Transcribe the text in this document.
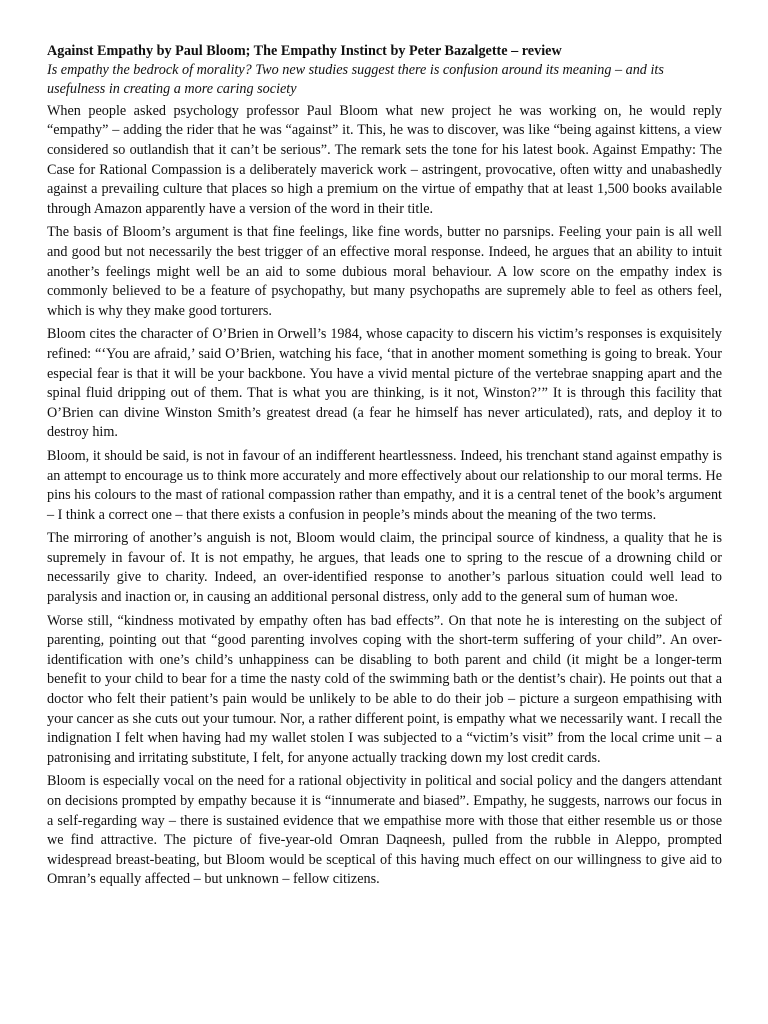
Against Empathy by Paul Bloom; The Empathy Instinct by Peter Bazalgette – review

Is empathy the bedrock of morality? Two new studies suggest there is confusion around its meaning – and its usefulness in creating a more caring society

When people asked psychology professor Paul Bloom what new project he was working on, he would reply “empathy” – adding the rider that he was “against” it. This, he was to discover, was like “being against kittens, a view considered so outlandish that it can’t be serious”. The remark sets the tone for his latest book. Against Empathy: The Case for Rational Compassion is a deliberately maverick work – astringent, provocative, often witty and unabashedly against a prevailing culture that places so high a premium on the virtue of empathy that at least 1,500 books available through Amazon apparently have a version of the word in their title.

The basis of Bloom’s argument is that fine feelings, like fine words, butter no parsnips. Feeling your pain is all well and good but not necessarily the best trigger of an effective moral response. Indeed, he argues that an ability to intuit another’s feelings might well be an aid to some dubious moral behaviour. A low score on the empathy index is commonly believed to be a feature of psychopathy, but many psychopaths are supremely able to feel as others feel, which is why they make good torturers.

Bloom cites the character of O’Brien in Orwell’s 1984, whose capacity to discern his victim’s responses is exquisitely refined: “‘You are afraid,’ said O’Brien, watching his face, ‘that in another moment something is going to break. Your especial fear is that it will be your backbone. You have a vivid mental picture of the vertebrae snapping apart and the spinal fluid dripping out of them. That is what you are thinking, is it not, Winston?’” It is through this facility that O’Brien can divine Winston Smith’s greatest dread (a fear he himself has never articulated), rats, and deploy it to destroy him.

Bloom, it should be said, is not in favour of an indifferent heartlessness. Indeed, his trenchant stand against empathy is an attempt to encourage us to think more accurately and more effectively about our relationship to our moral terms. He pins his colours to the mast of rational compassion rather than empathy, and it is a central tenet of the book’s argument – I think a correct one – that there exists a confusion in people’s minds about the meaning of the two terms.

The mirroring of another’s anguish is not, Bloom would claim, the principal source of kindness, a quality that he is supremely in favour of. It is not empathy, he argues, that leads one to spring to the rescue of a drowning child or necessarily give to charity. Indeed, an over-identified response to another’s parlous situation could well lead to paralysis and inaction or, in causing an additional personal distress, only add to the general sum of human woe.

Worse still, “kindness motivated by empathy often has bad effects”. On that note he is interesting on the subject of parenting, pointing out that “good parenting involves coping with the short-term suffering of your child”. An over-identification with one’s child’s unhappiness can be disabling to both parent and child (it might be a longer-term benefit to your child to bear for a time the nasty cold of the swimming bath or the dentist’s chair). He points out that a doctor who felt their patient’s pain would be unlikely to be able to do their job – picture a surgeon empathising with your cancer as she cuts out your tumour. Nor, a rather different point, is empathy what we necessarily want. I recall the indignation I felt when having had my wallet stolen I was subjected to a “victim’s visit” from the local crime unit – a patronising and irritating substitute, I felt, for anyone actually tracking down my lost credit cards.

Bloom is especially vocal on the need for a rational objectivity in political and social policy and the dangers attendant on decisions prompted by empathy because it is “innumerate and biased”. Empathy, he suggests, narrows our focus in a self-regarding way – there is sustained evidence that we empathise more with those that either resemble us or those we find attractive. The picture of five-year-old Omran Daqneesh, pulled from the rubble in Aleppo, prompted widespread breast-beating, but Bloom would be sceptical of this having much effect on our willingness to give aid to Omran’s equally affected – but unknown – fellow citizens.
